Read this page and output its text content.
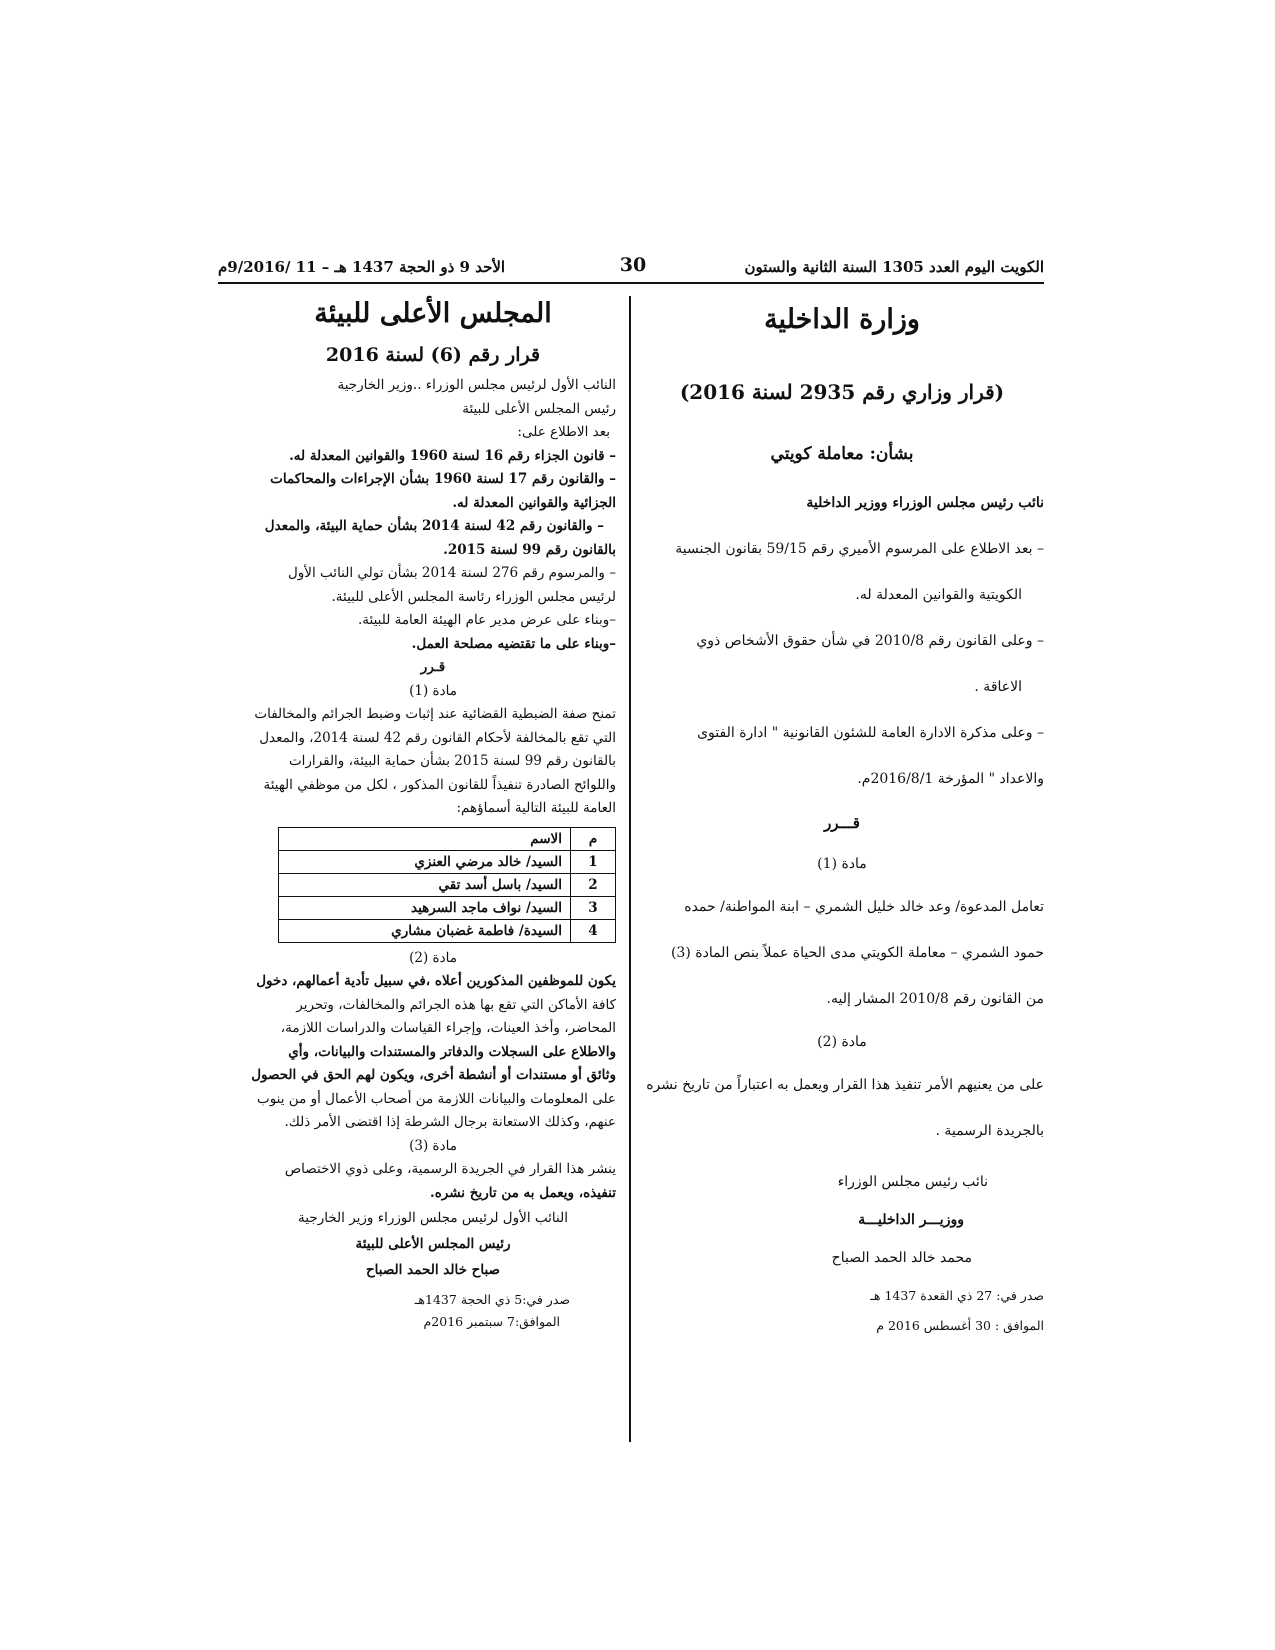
الكويت اليوم العدد 1305 السنة الثانية والستون
30
الأحد 9 ذو الحجة 1437 هـ – 11 /9/2016م

وزارة الداخلية

(قرار وزاري رقم 2935 لسنة 2016)

بشأن: معاملة كويتي

نائب رئيس مجلس الوزراء ووزير الداخلية

– بعد الاطلاع على المرسوم الأميري رقم 59/15 بقانون الجنسية

الكويتية والقوانين المعدلة له.

– وعلى القانون رقم 2010/8 في شأن حقوق الأشخاص ذوي

الاعاقة .

– وعلى مذكرة الادارة العامة للشئون القانونية " ادارة الفتوى

والاعداد " المؤرخة 2016/8/1م.

قـــرر

مادة (1)

تعامل المدعوة/ وعد خالد خليل الشمري – ابنة المواطنة/ حمده

حمود الشمري – معاملة الكويتي مدى الحياة عملاً بنص المادة (3)

من القانون رقم 2010/8 المشار إليه.

مادة (2)

على من يعنيهم الأمر تنفيذ هذا القرار ويعمل به اعتباراً من تاريخ نشره

بالجريدة الرسمية .

نائب رئيس مجلس الوزراء

ووزيـــر الداخليـــة

محمد خالد الحمد الصباح

صدر في: 27 ذي القعدة 1437 هـ

الموافق : 30 أغسطس 2016 م

المجلس الأعلى للبيئة

قرار رقم (6) لسنة 2016

النائب الأول لرئيس مجلس الوزراء ..وزير الخارجية

رئيس المجلس الأعلى للبيئة

بعد الاطلاع على:

– قانون الجزاء رقم 16 لسنة 1960 والقوانين المعدلة له.

– والقانون رقم 17 لسنة 1960 بشأن الإجراءات والمحاكمات

الجزائية والقوانين المعدلة له.

– والقانون رقم 42 لسنة 2014 بشأن حماية البيئة، والمعدل

بالقانون رقم 99 لسنة 2015.

– والمرسوم رقم 276 لسنة 2014 بشأن تولي النائب الأول

لرئيس مجلس الوزراء رئاسة المجلس الأعلى للبيئة.

–وبناء على عرض مدير عام الهيئة العامة للبيئة.

–وبناء على ما تقتضيه مصلحة العمل.

قـرر

مادة (1)

تمنح صفة الضبطية القضائية عند إثبات وضبط الجرائم والمخالفات

التي تقع بالمخالفة لأحكام القانون رقم 42 لسنة 2014، والمعدل

بالقانون رقم 99 لسنة 2015 بشأن حماية البيئة، والقرارات

واللوائح الصادرة تنفيذاً للقانون المذكور ، لكل من موظفي الهيئة

العامة للبيئة التالية أسماؤهم:

م	الاسم
1	السيد/ خالد مرضي العنزي
2	السيد/ باسل أسد تقي
3	السيد/ نواف ماجد السرهيد
4	السيدة/ فاطمة غضبان مشاري

مادة (2)

يكون للموظفين المذكورين أعلاه ،في سبيل تأدية أعمالهم، دخول

كافة الأماكن التي تقع بها هذه الجرائم والمخالفات، وتحرير

المحاضر، وأخذ العينات، وإجراء القياسات والدراسات اللازمة،

والاطلاع على السجلات والدفاتر والمستندات والبيانات، وأي

وثائق أو مستندات أو أنشطة أخرى، ويكون لهم الحق في الحصول

على المعلومات والبيانات اللازمة من أصحاب الأعمال أو من ينوب

عنهم، وكذلك الاستعانة برجال الشرطة إذا اقتضى الأمر ذلك.

مادة (3)

ينشر هذا القرار في الجريدة الرسمية، وعلى ذوي الاختصاص

تنفيذه، ويعمل به من تاريخ نشره.

النائب الأول لرئيس مجلس الوزراء وزير الخارجية

رئيس المجلس الأعلى للبيئة

صباح خالد الحمد الصباح

صدر في:5 ذي الحجة 1437هـ

الموافق:7 سبتمبر 2016م
